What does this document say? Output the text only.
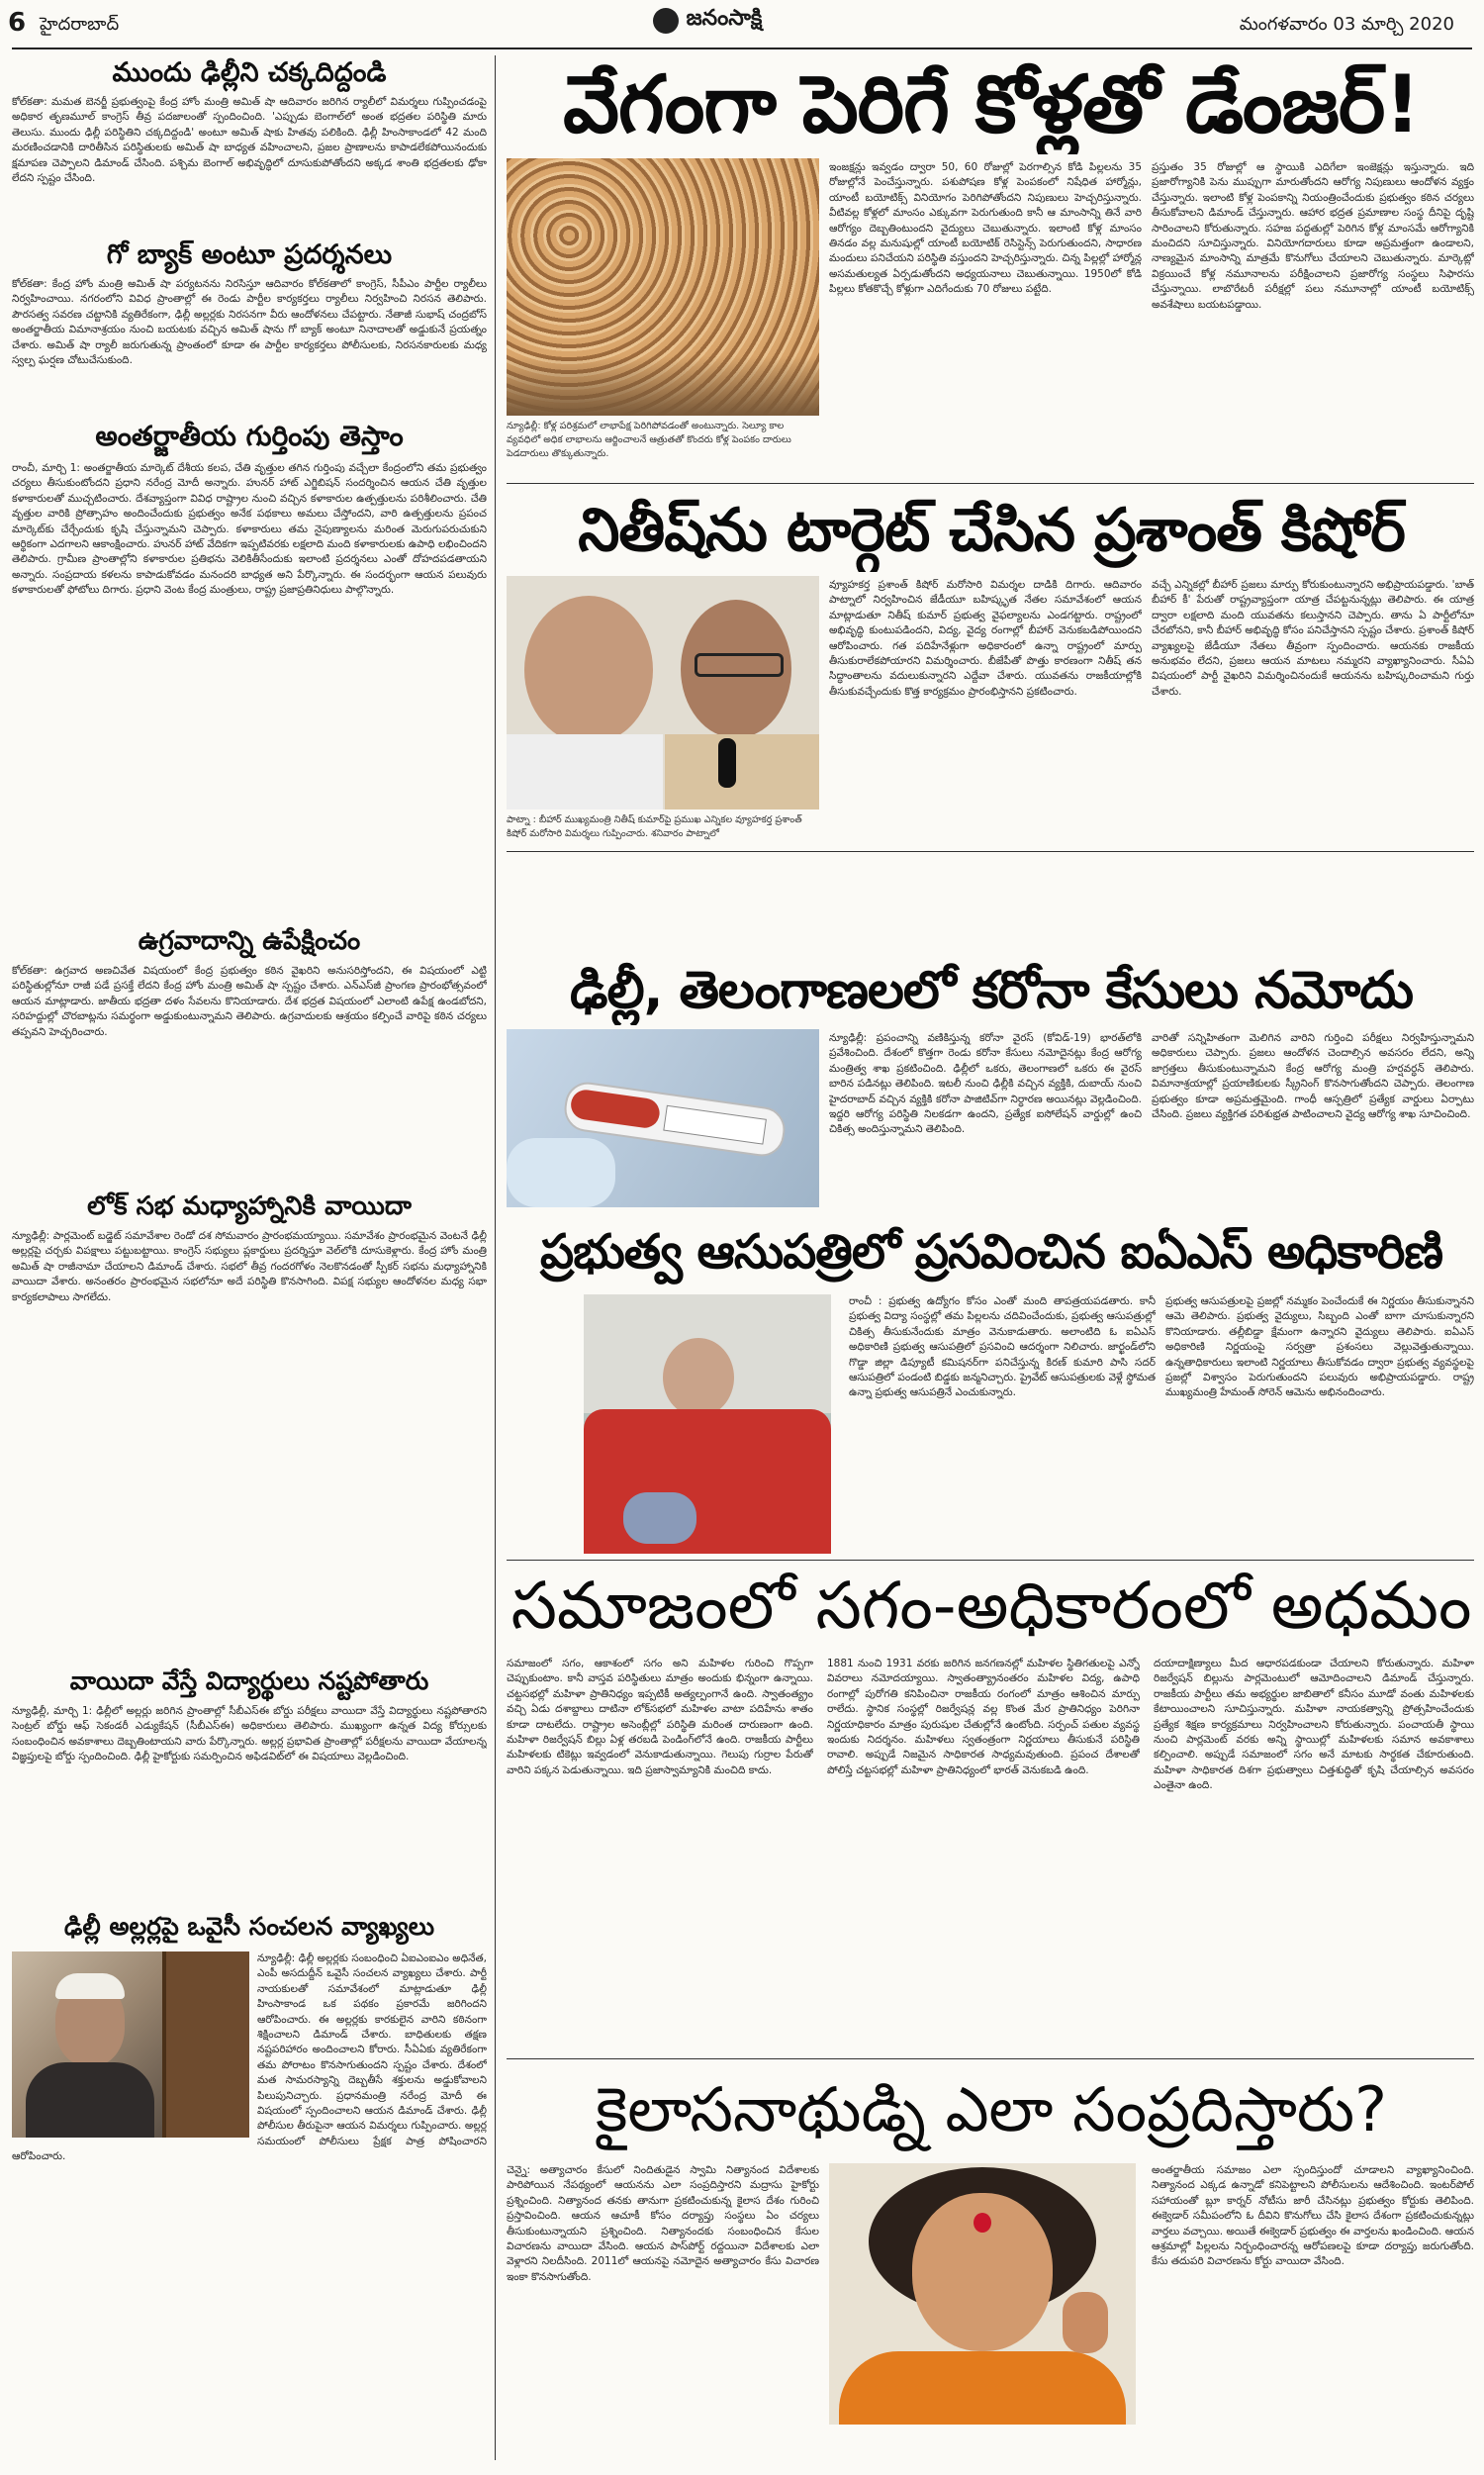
6 హైదరాబాద్	జనంసాక్షి	మంగళవారం 03 మార్చి 2020
ముందు ఢిల్లీని చక్కదిద్దండి
కోల్‌కతా: మమత బెనర్జీ ప్రభుత్వంపై కేంద్ర హోం మంత్రి అమిత్ షా ఆదివారం జరిగిన ర్యాలీలో విమర్శలు గుప్పించడంపై అధికార తృణమూల్ కాంగ్రెస్ తీవ్ర పదజాలంతో స్పందించింది. 'ఎప్పుడు బెంగాల్‌లో అంత భద్రతల పరిస్థితి మారు తెలుసు. ముందు ఢిల్లీ పరిస్థితిని చక్కదిద్దండి' అంటూ అమిత్ షాకు హితవు పలికింది. ఢిల్లీ హింసాకాండలో 42 మంది మరణించడానికి దారితీసిన పరిస్థితులకు అమిత్ షా బాధ్యత వహించాలని, ప్రజల ప్రాణాలను కాపాడలేకపోయినందుకు క్షమాపణ చెప్పాలని డిమాండ్ చేసింది. పశ్చిమ బెంగాల్ అభివృద్ధిలో దూసుకుపోతోందని అక్కడ శాంతి భద్రతలకు ఢోకా లేదని స్పష్టం చేసింది.
గో బ్యాక్ అంటూ ప్రదర్శనలు
కోల్‌కతా: కేంద్ర హోం మంత్రి అమిత్ షా పర్యటనను నిరసిస్తూ ఆదివారం కోల్‌కతాలో కాంగ్రెస్, సీపీఎం పార్టీల ర్యాలీలు నిర్వహించాయి. నగరంలోని వివిధ ప్రాంతాల్లో ఈ రెండు పార్టీల కార్యకర్తలు ర్యాలీలు నిర్వహించి నిరసన తెలిపారు. పౌరసత్వ సవరణ చట్టానికి వ్యతిరేకంగా, ఢిల్లీ అల్లర్లకు నిరసనగా వీరు ఆందోళనలు చేపట్టారు. నేతాజీ సుభాష్ చంద్రబోస్ అంతర్జాతీయ విమానాశ్రయం నుంచి బయటకు వచ్చిన అమిత్ షాను గో బ్యాక్ అంటూ నినాదాలతో అడ్డుకునే ప్రయత్నం చేశారు. అమిత్ షా ర్యాలీ జరుగుతున్న ప్రాంతంలో కూడా ఈ పార్టీల కార్యకర్తలు పోలీసులకు, నిరసనకారులకు మధ్య స్వల్ప ఘర్షణ చోటుచేసుకుంది.
అంతర్జాతీయ గుర్తింపు తెస్తాం
రాంచీ, మార్చి 1: అంతర్జాతీయ మార్కెట్ దేశీయ కలప, చేతి వృత్తుల తగిన గుర్తింపు వచ్చేలా కేంద్రంలోని తమ ప్రభుత్వం చర్యలు తీసుకుంటోందని ప్రధాని నరేంద్ర మోదీ అన్నారు. హునర్ హాట్ ఎగ్జిబిషన్ సందర్శించిన ఆయన చేతి వృత్తుల కళాకారులతో ముచ్చటించారు. దేశవ్యాప్తంగా వివిధ రాష్ట్రాల నుంచి వచ్చిన కళాకారుల ఉత్పత్తులను పరిశీలించారు. చేతి వృత్తుల వారికి ప్రోత్సాహం అందించేందుకు ప్రభుత్వం అనేక పథకాలు అమలు చేస్తోందని, వారి ఉత్పత్తులను ప్రపంచ మార్కెట్‌కు చేర్చేందుకు కృషి చేస్తున్నామని చెప్పారు. కళాకారులు తమ నైపుణ్యాలను మరింత మెరుగుపరుచుకుని ఆర్థికంగా ఎదగాలని ఆకాంక్షించారు. హునర్ హాట్ వేదికగా ఇప్పటివరకు లక్షలాది మంది కళాకారులకు ఉపాధి లభించిందని తెలిపారు. గ్రామీణ ప్రాంతాల్లోని కళాకారుల ప్రతిభను వెలికితీసేందుకు ఇలాంటి ప్రదర్శనలు ఎంతో దోహదపడతాయని అన్నారు. సంప్రదాయ కళలను కాపాడుకోవడం మనందరి బాధ్యత అని పేర్కొన్నారు. ఈ సందర్భంగా ఆయన పలువురు కళాకారులతో ఫోటోలు దిగారు. ప్రధాని వెంట కేంద్ర మంత్రులు, రాష్ట్ర ప్రజాప్రతినిధులు పాల్గొన్నారు.
ఉగ్రవాదాన్ని ఉపేక్షించం
కోల్‌కతా: ఉగ్రవాద అణచివేత విషయంలో కేంద్ర ప్రభుత్వం కఠిన వైఖరిని అనుసరిస్తోందని, ఈ విషయంలో ఎట్టి పరిస్థితుల్లోనూ రాజీ పడే ప్రసక్తే లేదని కేంద్ర హోం మంత్రి అమిత్ షా స్పష్టం చేశారు. ఎన్‌ఎస్‌జీ ప్రాంగణ ప్రారంభోత్సవంలో ఆయన మాట్లాడారు. జాతీయ భద్రతా దళం సేవలను కొనియాడారు. దేశ భద్రత విషయంలో ఎలాంటి ఉపేక్ష ఉండబోదని, సరిహద్దుల్లో చొరబాట్లను సమర్థంగా అడ్డుకుంటున్నామని తెలిపారు. ఉగ్రవాదులకు ఆశ్రయం కల్పించే వారిపై కఠిన చర్యలు తప్పవని హెచ్చరించారు.
లోక్ సభ మధ్యాహ్నానికి వాయిదా
న్యూఢిల్లీ: పార్లమెంట్ బడ్జెట్ సమావేశాల రెండో దశ సోమవారం ప్రారంభమయ్యాయి. సమావేశం ప్రారంభమైన వెంటనే ఢిల్లీ అల్లర్లపై చర్చకు విపక్షాలు పట్టుబట్టాయి. కాంగ్రెస్ సభ్యులు ప్లకార్డులు ప్రదర్శిస్తూ వెల్‌లోకి దూసుకెళ్లారు. కేంద్ర హోం మంత్రి అమిత్ షా రాజీనామా చేయాలని డిమాండ్ చేశారు. సభలో తీవ్ర గందరగోళం నెలకొనడంతో స్పీకర్ సభను మధ్యాహ్నానికి వాయిదా వేశారు. అనంతరం ప్రారంభమైన సభలోనూ అదే పరిస్థితి కొనసాగింది. విపక్ష సభ్యుల ఆందోళనల మధ్య సభా కార్యకలాపాలు సాగలేదు.
వాయిదా వేస్తే విద్యార్థులు నష్టపోతారు
న్యూఢిల్లీ, మార్చి 1: ఢిల్లీలో అల్లర్లు జరిగిన ప్రాంతాల్లో సీబీఎస్‌ఈ బోర్డు పరీక్షలు వాయిదా వేస్తే విద్యార్థులు నష్టపోతారని సెంట్రల్ బోర్డు ఆఫ్ సెకండరీ ఎడ్యుకేషన్ (సీబీఎస్‌ఈ) అధికారులు తెలిపారు. ముఖ్యంగా ఉన్నత విద్య కోర్సులకు సంబంధించిన అవకాశాలు దెబ్బతింటాయని వారు పేర్కొన్నారు. అల్లర్ల ప్రభావిత ప్రాంతాల్లో పరీక్షలను వాయిదా వేయాలన్న విజ్ఞప్తులపై బోర్డు స్పందించింది. ఢిల్లీ హైకోర్టుకు సమర్పించిన అఫిడవిట్‌లో ఈ విషయాలు వెల్లడించింది.
ఢిల్లీ అల్లర్లపై ఒవైసీ సంచలన వ్యాఖ్యలు
న్యూఢిల్లీ: ఢిల్లీ అల్లర్లకు సంబంధించి ఏఐఎంఐఎం అధినేత, ఎంపీ అసదుద్దీన్ ఒవైసీ సంచలన వ్యాఖ్యలు చేశారు. పార్టీ నాయకులతో సమావేశంలో మాట్లాడుతూ ఢిల్లీ హింసాకాండ ఒక పథకం ప్రకారమే జరిగిందని ఆరోపించారు. ఈ అల్లర్లకు కారకులైన వారిని కఠినంగా శిక్షించాలని డిమాండ్ చేశారు. బాధితులకు తక్షణ నష్టపరిహారం అందించాలని కోరారు. సీఏఏకు వ్యతిరేకంగా తమ పోరాటం కొనసాగుతుందని స్పష్టం చేశారు. దేశంలో మత సామరస్యాన్ని దెబ్బతీసే శక్తులను అడ్డుకోవాలని పిలుపునిచ్చారు. ప్రధానమంత్రి నరేంద్ర మోదీ ఈ విషయంలో స్పందించాలని ఆయన డిమాండ్ చేశారు. ఢిల్లీ పోలీసుల తీరుపైనా ఆయన విమర్శలు గుప్పించారు. అల్లర్ల సమయంలో పోలీసులు ప్రేక్షక పాత్ర పోషించారని ఆరోపించారు.
వేగంగా పెరిగే కోళ్లతో డేంజర్!
న్యూఢిల్లీ: కోళ్ల పరిశ్రమలో లాభాపేక్ష పెరిగిపోవడంతో అంటున్నారు. సెల్యూ కాల వ్యవధిలో అధిక లాభాలను ఆర్జించాలనే ఆత్రుతతో కొందరు కోళ్ల పెంపకం దారులు పెడదారులు తొక్కుతున్నారు.
ఇంజక్షన్లు ఇవ్వడం ద్వారా 50, 60 రోజుల్లో పెరగాల్సిన కోడి పిల్లలను 35 రోజుల్లోనే పెంచేస్తున్నారు. పశుపోషణ కోళ్ల పెంపకంలో నిషేధిత హార్మోన్లు, యాంటీ బయోటిక్స్ వినియోగం పెరిగిపోతోందని నిపుణులు హెచ్చరిస్తున్నారు. వీటివల్ల కోళ్లలో మాంసం ఎక్కువగా పెరుగుతుంది కానీ ఆ మాంసాన్ని తినే వారి ఆరోగ్యం దెబ్బతింటుందని వైద్యులు చెబుతున్నారు. ఇలాంటి కోళ్ల మాంసం తినడం వల్ల మనుషుల్లో యాంటీ బయోటిక్ రెసిస్టెన్స్ పెరుగుతుందని, సాధారణ మందులు పనిచేయని పరిస్థితి వస్తుందని హెచ్చరిస్తున్నారు. చిన్న పిల్లల్లో హార్మోన్ల అసమతుల్యత ఏర్పడుతోందని అధ్యయనాలు చెబుతున్నాయి. 1950లో కోడి పిల్లలు కోతకొచ్చే కోళ్లుగా ఎదిగేందుకు 70 రోజులు పట్టేది.
ప్రస్తుతం 35 రోజుల్లో ఆ స్థాయికి ఎదిగేలా ఇంజెక్షన్లు ఇస్తున్నారు. ఇది ప్రజారోగ్యానికి పెను ముప్పుగా మారుతోందని ఆరోగ్య నిపుణులు ఆందోళన వ్యక్తం చేస్తున్నారు. ఇలాంటి కోళ్ల పెంపకాన్ని నియంత్రించేందుకు ప్రభుత్వం కఠిన చర్యలు తీసుకోవాలని డిమాండ్ చేస్తున్నారు. ఆహార భద్రత ప్రమాణాల సంస్థ దీనిపై దృష్టి సారించాలని కోరుతున్నారు. సహజ పద్ధతుల్లో పెరిగిన కోళ్ల మాంసమే ఆరోగ్యానికి మంచిదని సూచిస్తున్నారు. వినియోగదారులు కూడా అప్రమత్తంగా ఉండాలని, నాణ్యమైన మాంసాన్ని మాత్రమే కొనుగోలు చేయాలని చెబుతున్నారు. మార్కెట్లో విక్రయించే కోళ్ల నమూనాలను పరీక్షించాలని ప్రజారోగ్య సంస్థలు సిఫారసు చేస్తున్నాయి. లాబొరేటరీ పరీక్షల్లో పలు నమూనాల్లో యాంటీ బయోటిక్స్ అవశేషాలు బయటపడ్డాయి.
నితీష్‌ను టార్గెట్ చేసిన ప్రశాంత్ కిషోర్
పాట్నా : బీహార్ ముఖ్యమంత్రి నితీష్ కుమార్‌పై ప్రముఖ ఎన్నికల వ్యూహకర్త ప్రశాంత్ కిషోర్ మరోసారి విమర్శలు గుప్పించారు. శనివారం పాట్నాలో
వ్యూహకర్త ప్రశాంత్ కిషోర్ మరోసారి విమర్శల దాడికి దిగారు. ఆదివారం పాట్నాలో నిర్వహించిన జేడీయూ బహిష్కృత నేతల సమావేశంలో ఆయన మాట్లాడుతూ నితీష్ కుమార్ ప్రభుత్వ వైఫల్యాలను ఎండగట్టారు. రాష్ట్రంలో అభివృద్ధి కుంటుపడిందని, విద్య, వైద్య రంగాల్లో బీహార్ వెనుకబడిపోయిందని ఆరోపించారు. గత పదిహేనేళ్లుగా అధికారంలో ఉన్నా రాష్ట్రంలో మార్పు తీసుకురాలేకపోయారని విమర్శించారు. బీజేపీతో పొత్తు కారణంగా నితీష్ తన సిద్ధాంతాలను వదులుకున్నారని ఎద్దేవా చేశారు. యువతను రాజకీయాల్లోకి తీసుకువచ్చేందుకు కొత్త కార్యక్రమం ప్రారంభిస్తానని ప్రకటించారు.
వచ్చే ఎన్నికల్లో బీహార్ ప్రజలు మార్పు కోరుకుంటున్నారని అభిప్రాయపడ్డారు. 'బాత్ బీహార్ కీ' పేరుతో రాష్ట్రవ్యాప్తంగా యాత్ర చేపట్టనున్నట్లు తెలిపారు. ఈ యాత్ర ద్వారా లక్షలాది మంది యువతను కలుస్తానని చెప్పారు. తాను ఏ పార్టీలోనూ చేరబోనని, కానీ బీహార్ అభివృద్ధి కోసం పనిచేస్తానని స్పష్టం చేశారు. ప్రశాంత్ కిషోర్ వ్యాఖ్యలపై జేడీయూ నేతలు తీవ్రంగా స్పందించారు. ఆయనకు రాజకీయ అనుభవం లేదని, ప్రజలు ఆయన మాటలు నమ్మరని వ్యాఖ్యానించారు. సీఏఏ విషయంలో పార్టీ వైఖరిని విమర్శించినందుకే ఆయనను బహిష్కరించామని గుర్తు చేశారు.
ఢిల్లీ, తెలంగాణలలో కరోనా కేసులు నమోదు
న్యూఢిల్లీ: ప్రపంచాన్ని వణికిస్తున్న కరోనా వైరస్ (కోవిడ్-19) భారత్‌లోకి ప్రవేశించింది. దేశంలో కొత్తగా రెండు కరోనా కేసులు నమోదైనట్లు కేంద్ర ఆరోగ్య మంత్రిత్వ శాఖ ప్రకటించింది. ఢిల్లీలో ఒకరు, తెలంగాణలో ఒకరు ఈ వైరస్ బారిన పడినట్లు తెలిపింది. ఇటలీ నుంచి ఢిల్లీకి వచ్చిన వ్యక్తికి, దుబాయ్ నుంచి హైదరాబాద్ వచ్చిన వ్యక్తికి కరోనా పాజిటివ్‌గా నిర్ధారణ అయినట్లు వెల్లడించింది. ఇద్దరి ఆరోగ్య పరిస్థితి నిలకడగా ఉందని, ప్రత్యేక ఐసోలేషన్ వార్డుల్లో ఉంచి చికిత్స అందిస్తున్నామని తెలిపింది.
వారితో సన్నిహితంగా మెలిగిన వారిని గుర్తించి పరీక్షలు నిర్వహిస్తున్నామని అధికారులు చెప్పారు. ప్రజలు ఆందోళన చెందాల్సిన అవసరం లేదని, అన్ని జాగ్రత్తలు తీసుకుంటున్నామని కేంద్ర ఆరోగ్య మంత్రి హర్షవర్ధన్ తెలిపారు. విమానాశ్రయాల్లో ప్రయాణికులకు స్క్రీనింగ్ కొనసాగుతోందని చెప్పారు. తెలంగాణ ప్రభుత్వం కూడా అప్రమత్తమైంది. గాంధీ ఆస్పత్రిలో ప్రత్యేక వార్డులు ఏర్పాటు చేసింది. ప్రజలు వ్యక్తిగత పరిశుభ్రత పాటించాలని వైద్య ఆరోగ్య శాఖ సూచించింది.
ప్రభుత్వ ఆసుపత్రిలో ప్రసవించిన ఐఏఎస్ అధికారిణి
రాంచీ : ప్రభుత్వ ఉద్యోగం కోసం ఎంతో మంది తాపత్రయపడతారు. కానీ ప్రభుత్వ విద్యా సంస్థల్లో తమ పిల్లలను చదివించేందుకు, ప్రభుత్వ ఆసుపత్రుల్లో చికిత్స తీసుకునేందుకు మాత్రం వెనుకాడుతారు. అలాంటిది ఓ ఐఏఎస్ అధికారిణి ప్రభుత్వ ఆసుపత్రిలో ప్రసవించి ఆదర్శంగా నిలిచారు. జార్ఖండ్‌లోని గొడ్డా జిల్లా డిప్యూటీ కమిషనర్‌గా పనిచేస్తున్న కిరణ్ కుమారి పాసి సదర్ ఆసుపత్రిలో పండంటి బిడ్డకు జన్మనిచ్చారు. ప్రైవేట్ ఆసుపత్రులకు వెళ్లే స్థోమత ఉన్నా ప్రభుత్వ ఆసుపత్రినే ఎంచుకున్నారు.
ప్రభుత్వ ఆసుపత్రులపై ప్రజల్లో నమ్మకం పెంచేందుకే ఈ నిర్ణయం తీసుకున్నానని ఆమె తెలిపారు. ప్రభుత్వ వైద్యులు, సిబ్బంది ఎంతో బాగా చూసుకున్నారని కొనియాడారు. తల్లీబిడ్డా క్షేమంగా ఉన్నారని వైద్యులు తెలిపారు. ఐఏఎస్ అధికారిణి నిర్ణయంపై సర్వత్రా ప్రశంసలు వెల్లువెత్తుతున్నాయి. ఉన్నతాధికారులు ఇలాంటి నిర్ణయాలు తీసుకోవడం ద్వారా ప్రభుత్వ వ్యవస్థలపై ప్రజల్లో విశ్వాసం పెరుగుతుందని పలువురు అభిప్రాయపడ్డారు. రాష్ట్ర ముఖ్యమంత్రి హేమంత్ సోరెన్ ఆమెను అభినందించారు.
సమాజంలో సగం-అధికారంలో అధమం
సమాజంలో సగం, ఆకాశంలో సగం అని మహిళల గురించి గొప్పగా చెప్పుకుంటాం. కానీ వాస్తవ పరిస్థితులు మాత్రం అందుకు భిన్నంగా ఉన్నాయి. చట్టసభల్లో మహిళా ప్రాతినిధ్యం ఇప్పటికీ అత్యల్పంగానే ఉంది. స్వాతంత్య్రం వచ్చి ఏడు దశాబ్దాలు దాటినా లోక్‌సభలో మహిళల వాటా పదిహేను శాతం కూడా దాటలేదు. రాష్ట్రాల అసెంబ్లీల్లో పరిస్థితి మరింత దారుణంగా ఉంది. మహిళా రిజర్వేషన్ బిల్లు ఏళ్ల తరబడి పెండింగ్‌లోనే ఉంది. రాజకీయ పార్టీలు మహిళలకు టికెట్లు ఇవ్వడంలో వెనుకాడుతున్నాయి. గెలుపు గుర్రాల పేరుతో వారిని పక్కన పెడుతున్నాయి. ఇది ప్రజాస్వామ్యానికి మంచిది కాదు.
1881 నుంచి 1931 వరకు జరిగిన జనగణనల్లో మహిళల స్థితిగతులపై ఎన్నో వివరాలు నమోదయ్యాయి. స్వాతంత్య్రానంతరం మహిళల విద్య, ఉపాధి రంగాల్లో పురోగతి కనిపించినా రాజకీయ రంగంలో మాత్రం ఆశించిన మార్పు రాలేదు. స్థానిక సంస్థల్లో రిజర్వేషన్ల వల్ల కొంత మేర ప్రాతినిధ్యం పెరిగినా నిర్ణయాధికారం మాత్రం పురుషుల చేతుల్లోనే ఉంటోంది. సర్పంచ్ పతుల వ్యవస్థ ఇందుకు నిదర్శనం. మహిళలు స్వతంత్రంగా నిర్ణయాలు తీసుకునే పరిస్థితి రావాలి. అప్పుడే నిజమైన సాధికారత సాధ్యమవుతుంది. ప్రపంచ దేశాలతో పోలిస్తే చట్టసభల్లో మహిళా ప్రాతినిధ్యంలో భారత్ వెనుకబడి ఉంది.
దయాదాక్షిణ్యాలు మీద ఆధారపడకుండా చేయాలని కోరుతున్నారు. మహిళా రిజర్వేషన్ బిల్లును పార్లమెంటులో ఆమోదించాలని డిమాండ్ చేస్తున్నారు. రాజకీయ పార్టీలు తమ అభ్యర్థుల జాబితాలో కనీసం మూడో వంతు మహిళలకు కేటాయించాలని సూచిస్తున్నారు. మహిళా నాయకత్వాన్ని ప్రోత్సహించేందుకు ప్రత్యేక శిక్షణ కార్యక్రమాలు నిర్వహించాలని కోరుతున్నారు. పంచాయతీ స్థాయి నుంచి పార్లమెంట్ వరకు అన్ని స్థాయిల్లో మహిళలకు సమాన అవకాశాలు కల్పించాలి. అప్పుడే సమాజంలో సగం అనే మాటకు సార్థకత చేకూరుతుంది. మహిళా సాధికారత దిశగా ప్రభుత్వాలు చిత్తశుద్ధితో కృషి చేయాల్సిన అవసరం ఎంతైనా ఉంది.
కైలాసనాథుడ్ని ఎలా సంప్రదిస్తారు?
చెన్నై: అత్యాచారం కేసులో నిందితుడైన స్వామి నిత్యానంద విదేశాలకు పారిపోయిన నేపథ్యంలో ఆయనను ఎలా సంప్రదిస్తారని మద్రాసు హైకోర్టు ప్రశ్నించింది. నిత్యానంద తనకు తానుగా ప్రకటించుకున్న కైలాస దేశం గురించి ప్రస్తావించింది. ఆయన ఆచూకీ కోసం దర్యాప్తు సంస్థలు ఏం చర్యలు తీసుకుంటున్నాయని ప్రశ్నించింది. నిత్యానందకు సంబంధించిన కేసుల విచారణను వాయిదా వేసింది. ఆయన పాస్‌పోర్ట్ రద్దయినా విదేశాలకు ఎలా వెళ్లారని నిలదీసింది. 2011లో ఆయనపై నమోదైన అత్యాచారం కేసు విచారణ ఇంకా కొనసాగుతోంది.
అంతర్జాతీయ సమాజం ఎలా స్పందిస్తుందో చూడాలని వ్యాఖ్యానించింది. నిత్యానంద ఎక్కడ ఉన్నాడో కనిపెట్టాలని పోలీసులను ఆదేశించింది. ఇంటర్‌పోల్ సహాయంతో బ్లూ కార్నర్ నోటీసు జారీ చేసినట్లు ప్రభుత్వం కోర్టుకు తెలిపింది. ఈక్వెడార్ సమీపంలోని ఓ దీవిని కొనుగోలు చేసి కైలాస దేశంగా ప్రకటించుకున్నట్లు వార్తలు వచ్చాయి. అయితే ఈక్వెడార్ ప్రభుత్వం ఈ వార్తలను ఖండించింది. ఆయన ఆశ్రమాల్లో పిల్లలను నిర్బంధించారన్న ఆరోపణలపై కూడా దర్యాప్తు జరుగుతోంది. కేసు తదుపరి విచారణను కోర్టు వాయిదా వేసింది.
